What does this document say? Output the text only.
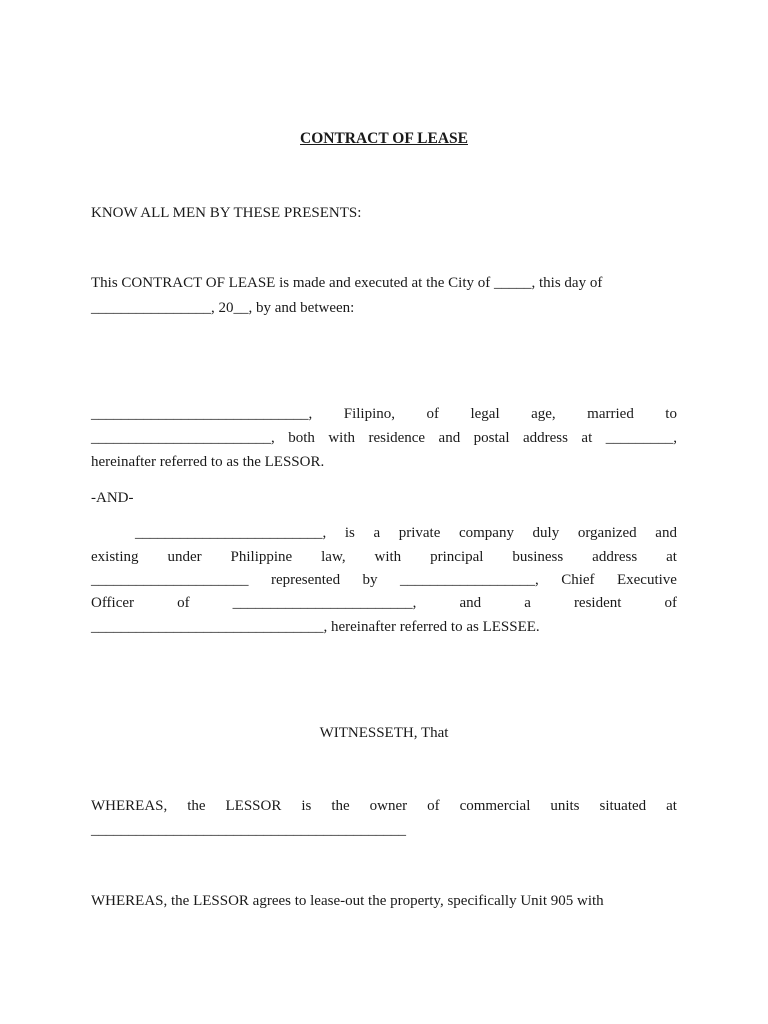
CONTRACT OF LEASE
KNOW ALL MEN BY THESE PRESENTS:
This CONTRACT OF LEASE is made and executed at the City of _____, this day of
________________, 20__, by and between:
_____________________________, Filipino, of legal age, married to
________________________, both with residence and postal address at _________,
hereinafter referred to as the LESSOR.
-AND-
_________________________, is a private company duly organized and
existing under Philippine law, with principal business address at
_____________________ represented by __________________, Chief Executive
Officer	of	________________________,	and	a	resident	of
_______________________________, hereinafter referred to as LESSEE.
WITNESSETH, That
WHEREAS, the LESSOR is the owner of commercial units situated at
__________________________________________
WHEREAS, the LESSOR agrees to lease-out the property, specifically Unit 905 with
